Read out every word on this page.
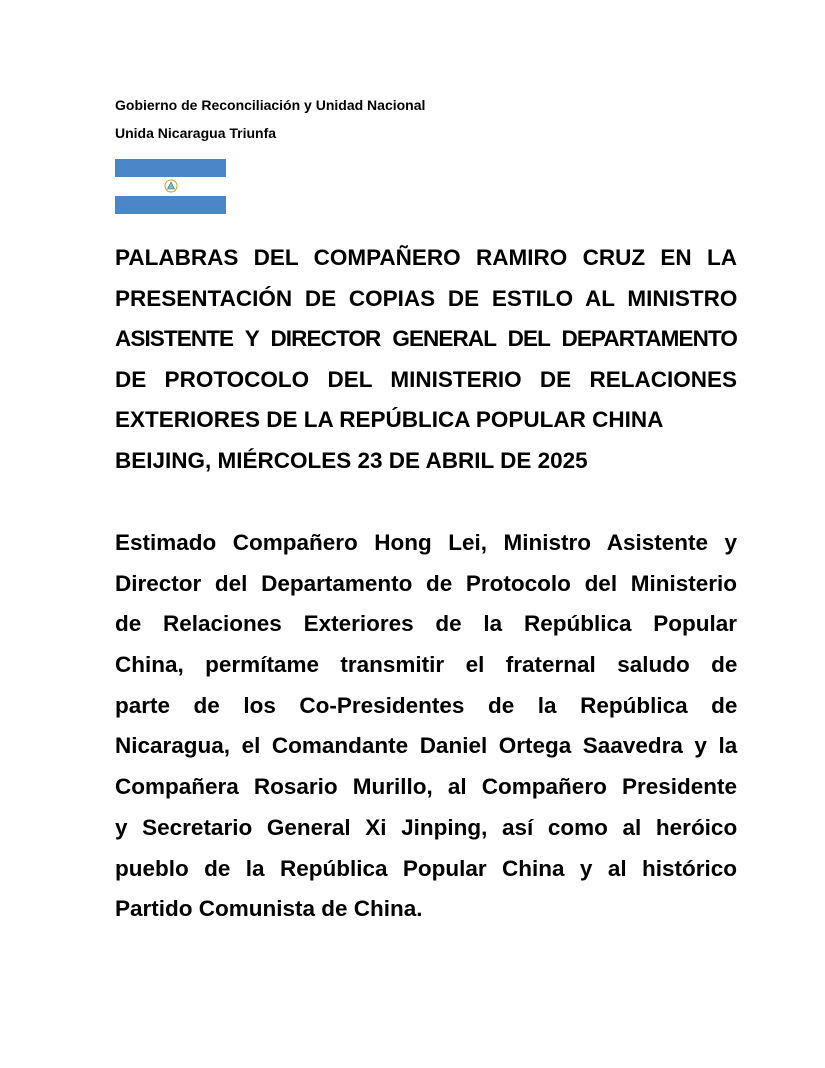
Gobierno de Reconciliación y Unidad Nacional
Unida Nicaragua Triunfa
PALABRAS DEL COMPAÑERO RAMIRO CRUZ EN LA
PRESENTACIÓN DE COPIAS DE ESTILO AL MINISTRO
ASISTENTE Y DIRECTOR GENERAL DEL DEPARTAMENTO
DE PROTOCOLO DEL MINISTERIO DE RELACIONES
EXTERIORES DE LA REPÚBLICA POPULAR CHINA
BEIJING, MIÉRCOLES 23 DE ABRIL DE 2025
Estimado Compañero Hong Lei, Ministro Asistente y
Director del Departamento de Protocolo del Ministerio
de Relaciones Exteriores de la República Popular
China, permítame transmitir el fraternal saludo de
parte de los Co-Presidentes de la República de
Nicaragua, el Comandante Daniel Ortega Saavedra y la
Compañera Rosario Murillo, al Compañero Presidente
y Secretario General Xi Jinping, así como al heróico
pueblo de la República Popular China y al histórico
Partido Comunista de China.
